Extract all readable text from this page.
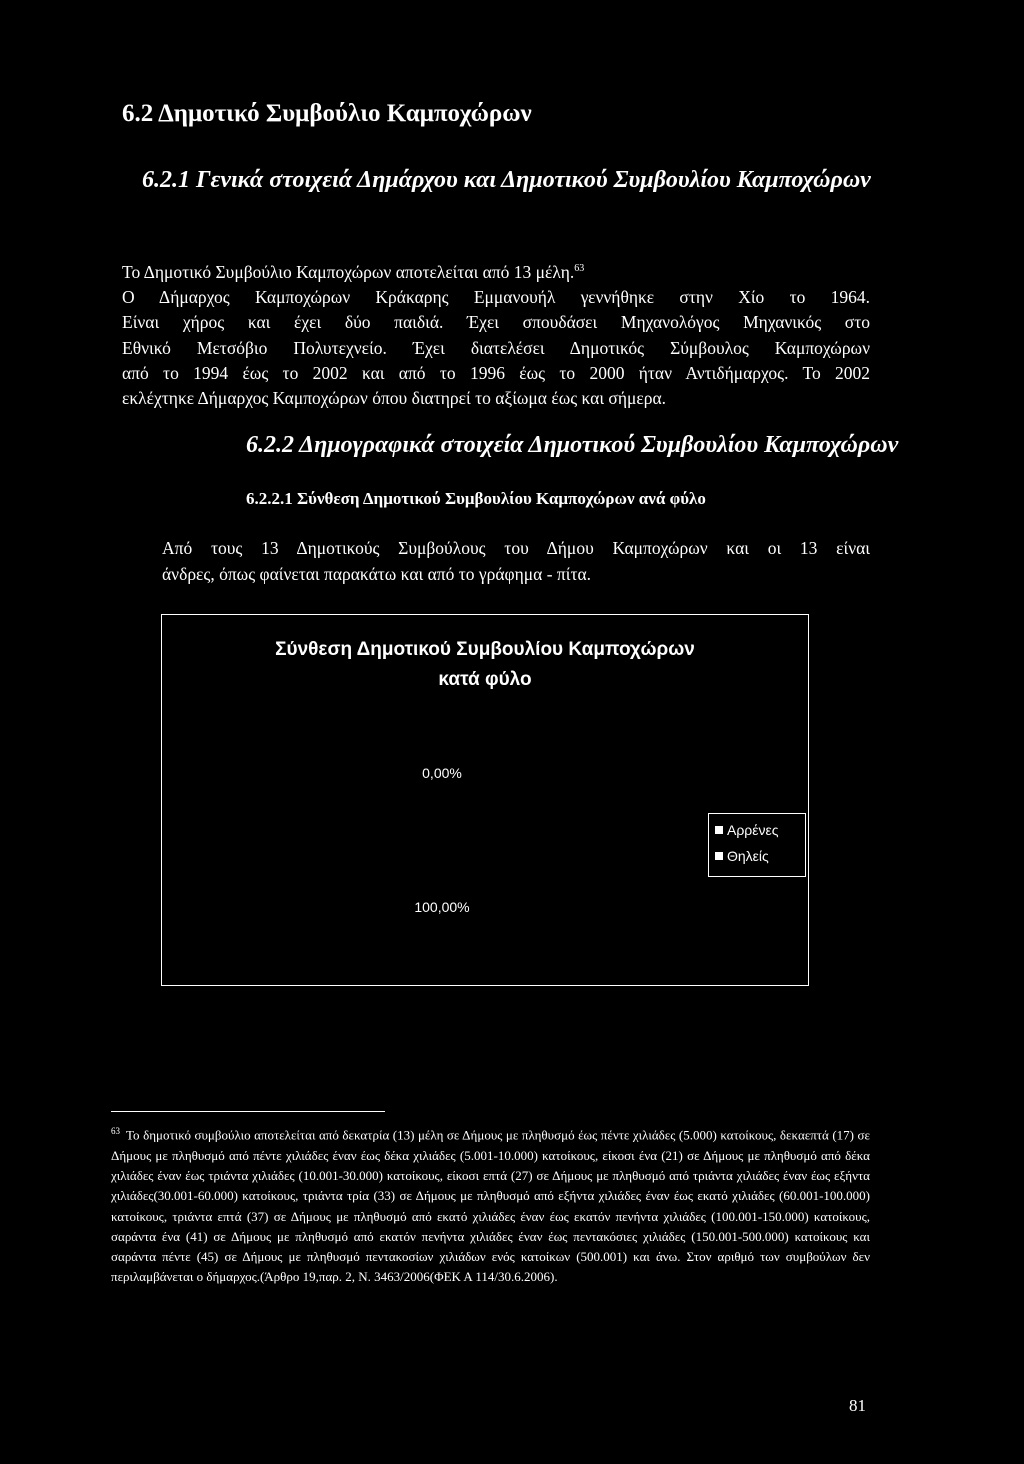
6.2 Δημοτικό Συμβούλιο Καμποχώρων
6.2.1 Γενικά στοιχειά Δημάρχου και Δημοτικού Συμβουλίου Καμποχώρων

Το Δημοτικό Συμβούλιο Καμποχώρων αποτελείται από 13 μέλη.$^{63}$

Ο Δήμαρχος Καμποχώρων Κράκαρης Εμμανουήλ γεννήθηκε στην Χίο το 1964.

Είναι χήρος και έχει δύο παιδιά. Έχει σπουδάσει Μηχανολόγος Μηχανικός στο

Εθνικό Μετσόβιο Πολυτεχνείο. Έχει διατελέσει Δημοτικός Σύμβουλος Καμποχώρων

από το 1994 έως το 2002 και από το 1996 έως το 2000 ήταν Αντιδήμαρχος. Το 2002

εκλέχτηκε Δήμαρχος Καμποχώρων όπου διατηρεί το αξίωμα έως και σήμερα.

6.2.2 Δημογραφικά στοιχεία Δημοτικού Συμβουλίου Καμποχώρων
6.2.2.1 Σύνθεση Δημοτικού Συμβουλίου Καμποχώρων ανά φύλο

Από τους 13 Δημοτικούς Συμβούλους του Δήμου Καμποχώρων και οι 13 είναι

άνδρες, όπως φαίνεται παρακάτω και από το γράφημα - πίτα.

Σύνθεση Δημοτικού Συμβουλίου Καμποχώρων
κατά φύλο
0,00%
100,00%
Αρρένες
Θηλείς
$^{63}$ Το δημοτικό συμβούλιο αποτελείται από δεκατρία (13) μέλη σε Δήμους με πληθυσμό έως πέντε χιλιάδες (5.000) κατοίκους, δεκαεπτά (17) σε Δήμους με πληθυσμό από πέντε χιλιάδες έναν έως δέκα χιλιάδες (5.001-10.000) κατοίκους, είκοσι ένα (21) σε Δήμους με πληθυσμό από δέκα χιλιάδες έναν έως τριάντα χιλιάδες (10.001-30.000) κατοίκους, είκοσι επτά (27) σε Δήμους με πληθυσμό από τριάντα χιλιάδες έναν έως εξήντα χιλιάδες(30.001-60.000) κατοίκους, τριάντα τρία (33) σε Δήμους με πληθυσμό από εξήντα χιλιάδες έναν έως εκατό χιλιάδες (60.001-100.000) κατοίκους, τριάντα επτά (37) σε Δήμους με πληθυσμό από εκατό χιλιάδες έναν έως εκατόν πενήντα χιλιάδες (100.001-150.000) κατοίκους, σαράντα ένα (41) σε Δήμους με πληθυσμό από εκατόν πενήντα χιλιάδες έναν έως πεντακόσιες χιλιάδες (150.001-500.000) κατοίκους και σαράντα πέντε (45) σε Δήμους με πληθυσμό πεντακοσίων χιλιάδων ενός κατοίκων (500.001) και άνω. Στον αριθμό των συμβούλων δεν περιλαμβάνεται ο δήμαρχος.(Άρθρο 19,παρ. 2, Ν. 3463/2006(ΦΕΚ Α 114/30.6.2006).
81
